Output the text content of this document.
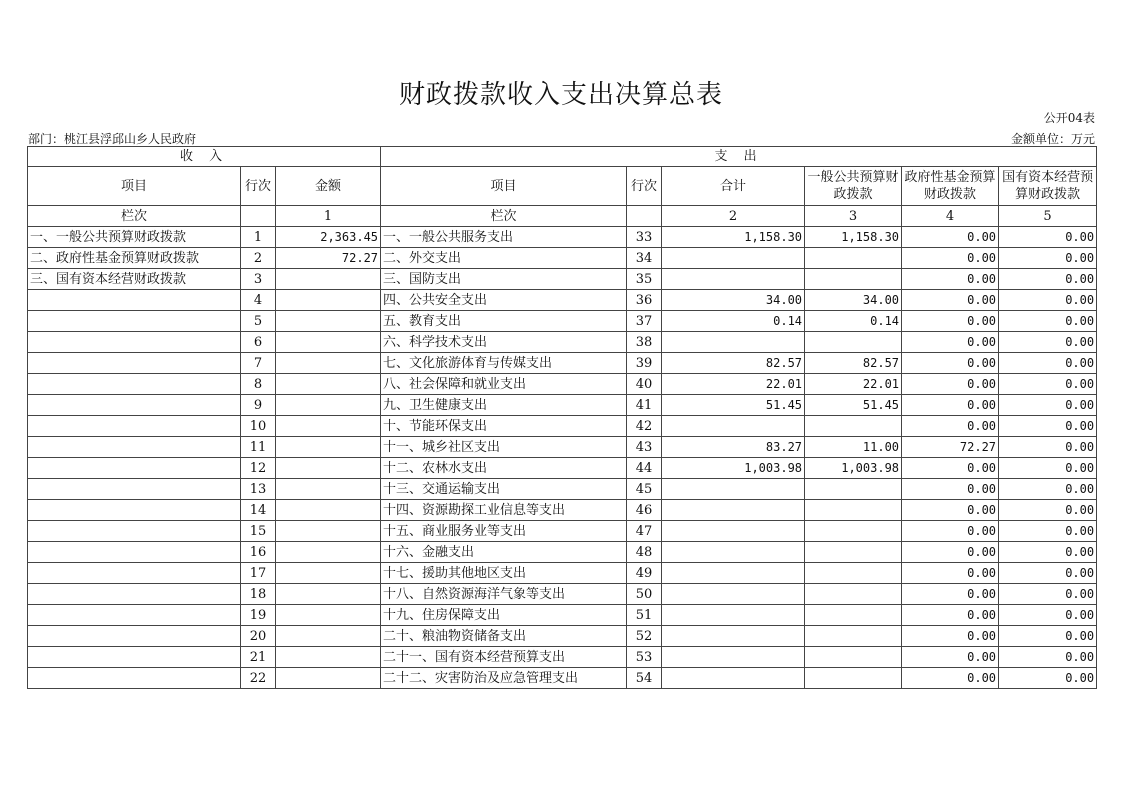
财政拨款收入支出决算总表
公开04表
部门：桃江县浮邱山乡人民政府	金额单位：万元
收 入			支 出					
项目	行次	金额	项目	行次	合计	一般公共预算财政拨款	政府性基金预算财政拨款	国有资本经营预算财政拨款
栏次		1	栏次		2	3	4	5
一、一般公共预算财政拨款	1	2,363.45	一、一般公共服务支出	33	1,158.30	1,158.30	0.00	0.00
二、政府性基金预算财政拨款	2	72.27	二、外交支出	34			0.00	0.00
三、国有资本经营财政拨款	3		三、国防支出	35			0.00	0.00
	4		四、公共安全支出	36	34.00	34.00	0.00	0.00
	5		五、教育支出	37	0.14	0.14	0.00	0.00
	6		六、科学技术支出	38			0.00	0.00
	7		七、文化旅游体育与传媒支出	39	82.57	82.57	0.00	0.00
	8		八、社会保障和就业支出	40	22.01	22.01	0.00	0.00
	9		九、卫生健康支出	41	51.45	51.45	0.00	0.00
	10		十、节能环保支出	42			0.00	0.00
	11		十一、城乡社区支出	43	83.27	11.00	72.27	0.00
	12		十二、农林水支出	44	1,003.98	1,003.98	0.00	0.00
	13		十三、交通运输支出	45			0.00	0.00
	14		十四、资源勘探工业信息等支出	46			0.00	0.00
	15		十五、商业服务业等支出	47			0.00	0.00
	16		十六、金融支出	48			0.00	0.00
	17		十七、援助其他地区支出	49			0.00	0.00
	18		十八、自然资源海洋气象等支出	50			0.00	0.00
	19		十九、住房保障支出	51			0.00	0.00
	20		二十、粮油物资储备支出	52			0.00	0.00
	21		二十一、国有资本经营预算支出	53			0.00	0.00
	22		二十二、灾害防治及应急管理支出	54			0.00	0.00
